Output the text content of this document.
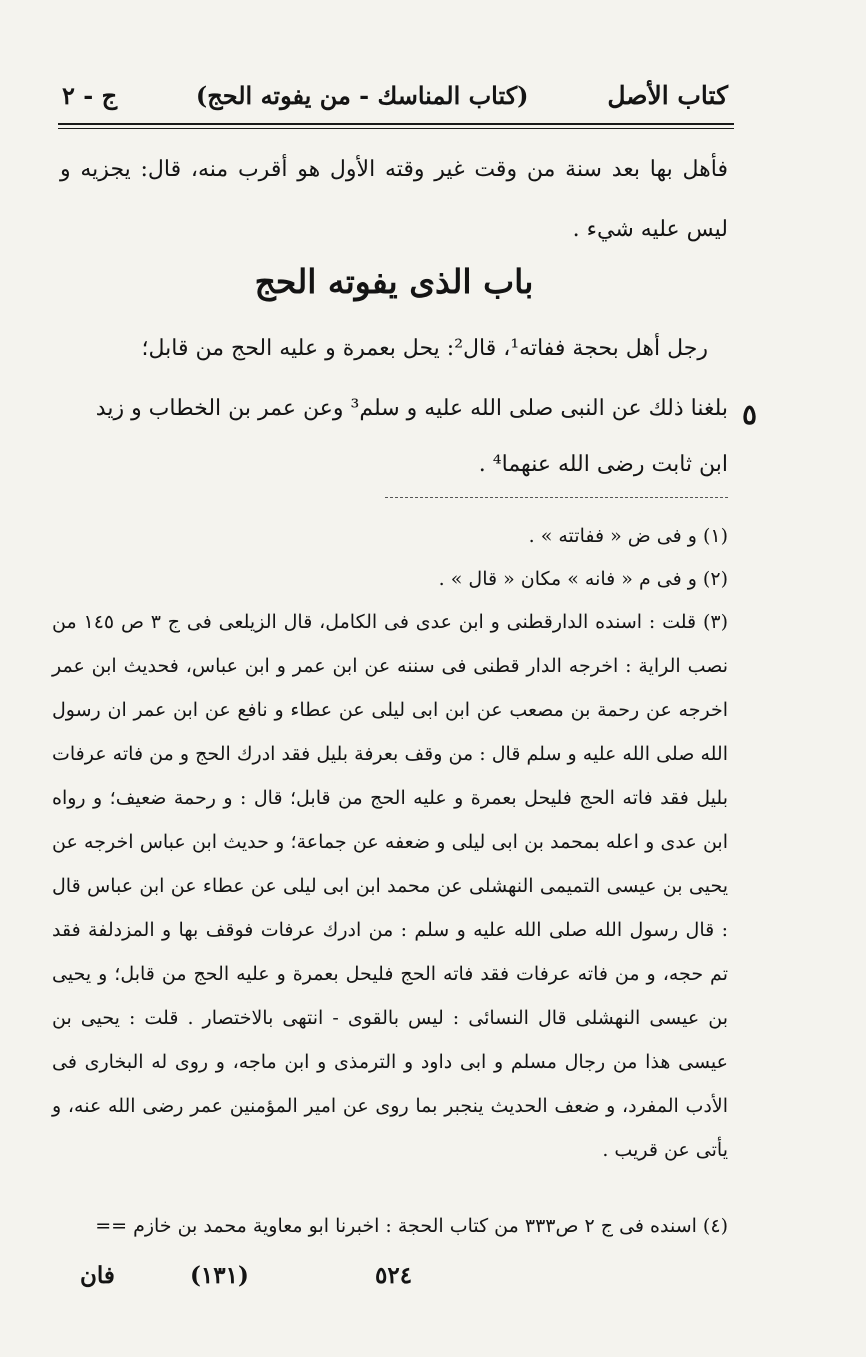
كتاب الأصل
(كتاب المناسك - من يفوته الحج)
ج - ٢
فأهل بها بعد سنة من وقت غير وقته الأول هو أقرب منه، قال: يجزيه و ليس عليه شيء .
باب الذى يفوته الحج
رجل أهل بحجة ففاته¹، قال²: يحل بعمرة و عليه الحج من قابل؛
بلغنا ذلك عن النبى صلى الله عليه و سلم³ وعن عمر بن الخطاب و زيد
ابن ثابت رضى الله عنهما⁴ .
٥
(١) و فى ض « ففاتته » .
(٢) و فى م « فانه » مكان « قال » .
(٣) قلت : اسنده الدارقطنى و ابن عدى فى الكامل، قال الزيلعى فى ج ٣ ص ١٤٥ من نصب الراية : اخرجه الدار قطنى فى سننه عن ابن عمر و ابن عباس، فحديث ابن عمر اخرجه عن رحمة بن مصعب عن ابن ابى ليلى عن عطاء و نافع عن ابن عمر ان رسول الله صلى الله عليه و سلم قال : من وقف بعرفة بليل فقد ادرك الحج و من فاته عرفات بليل فقد فاته الحج فليحل بعمرة و عليه الحج من قابل؛ قال : و رحمة ضعيف؛ و رواه ابن عدى و اعله بمحمد بن ابى ليلى و ضعفه عن جماعة؛ و حديث ابن عباس اخرجه عن يحيى بن عيسى التميمى النهشلى عن محمد ابن ابى ليلى عن عطاء عن ابن عباس قال : قال رسول الله صلى الله عليه و سلم : من ادرك عرفات فوقف بها و المزدلفة فقد تم حجه، و من فاته عرفات فقد فاته الحج فليحل بعمرة و عليه الحج من قابل؛ و يحيى بن عيسى النهشلى قال النسائى : ليس بالقوى - انتهى بالاختصار . قلت : يحيى بن عيسى هذا من رجال مسلم و ابى داود و الترمذى و ابن ماجه، و روى له البخارى فى الأدب المفرد، و ضعف الحديث ينجبر بما روى عن امير المؤمنين عمر رضى الله عنه، و يأتى عن قريب .
(٤) اسنده فى ج ٢ ص٣٣٣ من كتاب الحجة : اخبرنا ابو معاوية محمد بن خازم ==
فان	(١٣١)	٥٢٤
